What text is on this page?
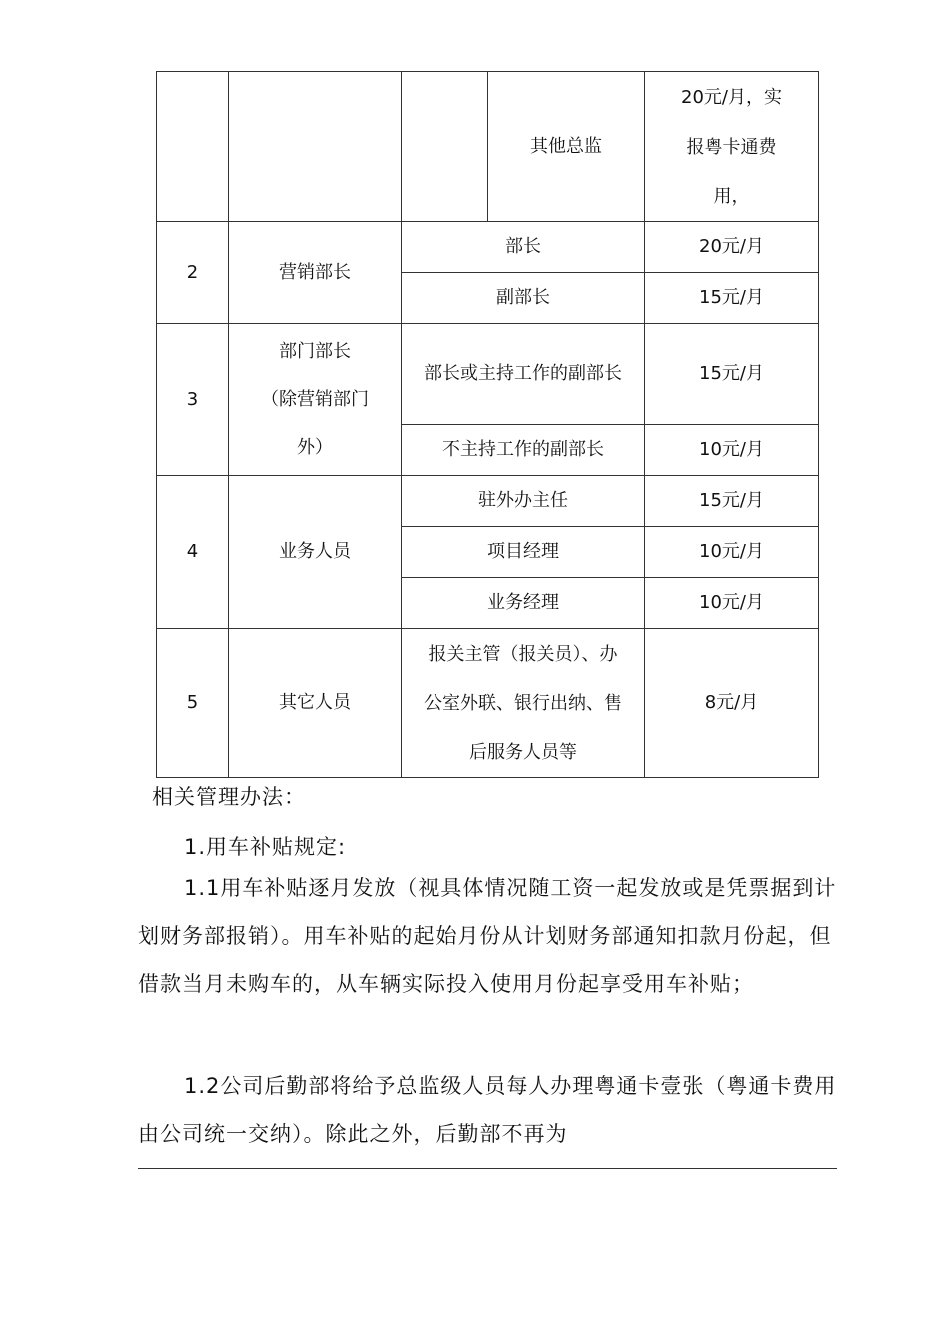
			其他总监	20元/月，实
报粤卡通费
用，

2	营销部长	部长		20元/月
		副部长		15元/月
3	部门部长
（除营销部门
外）	部长或主持工作的副部长		15元/月
		不主持工作的副部长		10元/月
4	业务人员	驻外办主任		15元/月
		项目经理		10元/月
		业务经理		10元/月
5	其它人员	报关主管（报关员）、办
公室外联、银行出纳、售
后服务人员等		8元/月
相关管理办法：
1.用车补贴规定:
1.1用车补贴逐月发放（视具体情况随工资一起发放或是凭票据到计划财务部报销）。用车补贴的起始月份从计划财务部通知扣款月份起，但借款当月未购车的，从车辆实际投入使用月份起享受用车补贴；
1.2公司后勤部将给予总监级人员每人办理粤通卡壹张（粤通卡费用由公司统一交纳）。除此之外，后勤部不再为
